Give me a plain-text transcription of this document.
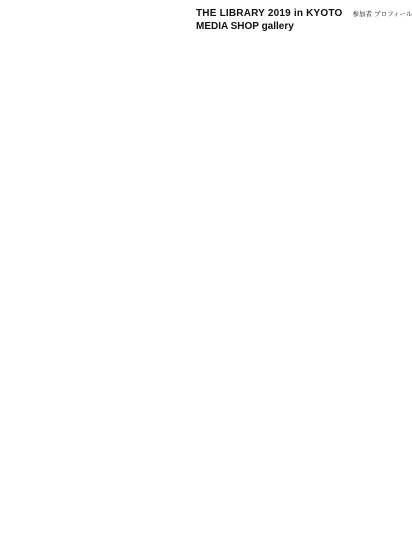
THE LIBRARY 2019 in KYOTO 参加者 プロフィール
MEDIA SHOP gallery
